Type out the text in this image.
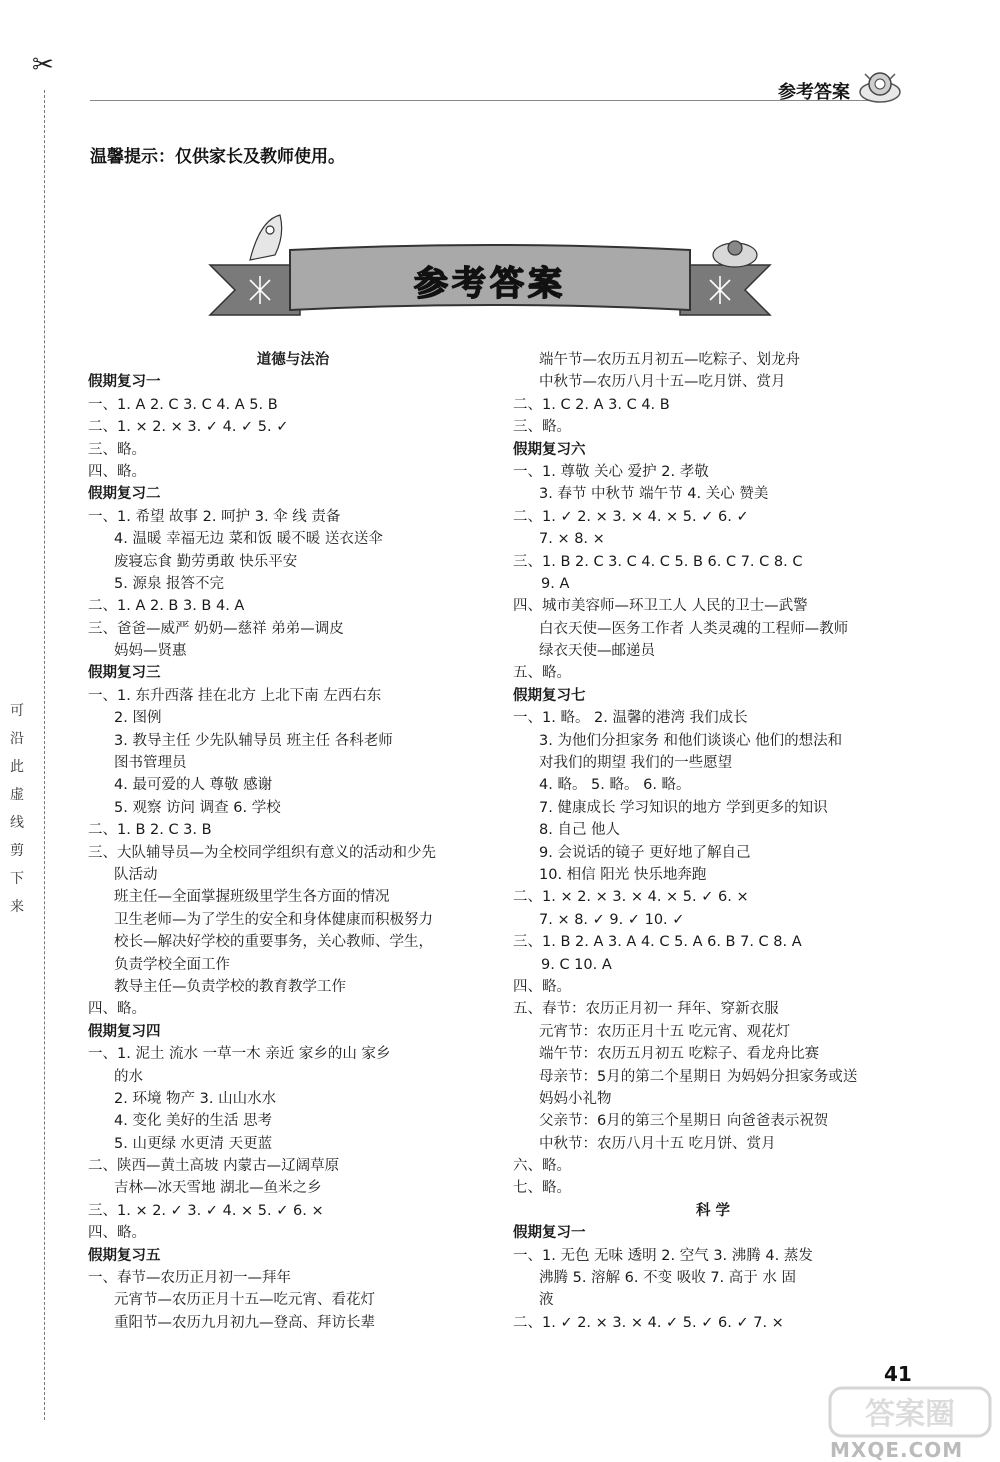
✂
可
沿
此
虚
线
剪
下
来
参考答案
温馨提示：仅供家长及教师使用。
参考答案
道德与法治
假期复习一
一、1. A 2. C 3. C 4. A 5. B
二、1. × 2. × 3. ✓ 4. ✓ 5. ✓
三、略。
四、略。
假期复习二
一、1. 希望 故事 2. 呵护 3. 伞 线 责备
4. 温暖 幸福无边 菜和饭 暖不暖 送衣送伞
废寝忘食 勤劳勇敢 快乐平安
5. 源泉 报答不完
二、1. A 2. B 3. B 4. A
三、爸爸—威严 奶奶—慈祥 弟弟—调皮
妈妈—贤惠
假期复习三
一、1. 东升西落 挂在北方 上北下南 左西右东
2. 图例
3. 教导主任 少先队辅导员 班主任 各科老师
图书管理员
4. 最可爱的人 尊敬 感谢
5. 观察 访问 调查 6. 学校
二、1. B 2. C 3. B
三、大队辅导员—为全校同学组织有意义的活动和少先
队活动
班主任—全面掌握班级里学生各方面的情况
卫生老师—为了学生的安全和身体健康而积极努力
校长—解决好学校的重要事务，关心教师、学生，
负责学校全面工作
教导主任—负责学校的教育教学工作
四、略。
假期复习四
一、1. 泥土 流水 一草一木 亲近 家乡的山 家乡
的水
2. 环境 物产 3. 山山水水
4. 变化 美好的生活 思考
5. 山更绿 水更清 天更蓝
二、陕西—黄土高坡 内蒙古—辽阔草原
吉林—冰天雪地 湖北—鱼米之乡
三、1. × 2. ✓ 3. ✓ 4. × 5. ✓ 6. ×
四、略。
假期复习五
一、春节—农历正月初一—拜年
元宵节—农历正月十五—吃元宵、看花灯
重阳节—农历九月初九—登高、拜访长辈
端午节—农历五月初五—吃粽子、划龙舟
中秋节—农历八月十五—吃月饼、赏月
二、1. C 2. A 3. C 4. B
三、略。
假期复习六
一、1. 尊敬 关心 爱护 2. 孝敬
3. 春节 中秋节 端午节 4. 关心 赞美
二、1. ✓ 2. × 3. × 4. × 5. ✓ 6. ✓
7. × 8. ×
三、1. B 2. C 3. C 4. C 5. B 6. C 7. C 8. C
9. A
四、城市美容师—环卫工人 人民的卫士—武警
白衣天使—医务工作者 人类灵魂的工程师—教师
绿衣天使—邮递员
五、略。
假期复习七
一、1. 略。 2. 温馨的港湾 我们成长
3. 为他们分担家务 和他们谈谈心 他们的想法和
对我们的期望 我们的一些愿望
4. 略。 5. 略。 6. 略。
7. 健康成长 学习知识的地方 学到更多的知识
8. 自己 他人
9. 会说话的镜子 更好地了解自己
10. 相信 阳光 快乐地奔跑
二、1. × 2. × 3. × 4. × 5. ✓ 6. ×
7. × 8. ✓ 9. ✓ 10. ✓
三、1. B 2. A 3. A 4. C 5. A 6. B 7. C 8. A
9. C 10. A
四、略。
五、春节：农历正月初一 拜年、穿新衣服
元宵节：农历正月十五 吃元宵、观花灯
端午节：农历五月初五 吃粽子、看龙舟比赛
母亲节：5月的第二个星期日 为妈妈分担家务或送
妈妈小礼物
父亲节：6月的第三个星期日 向爸爸表示祝贺
中秋节：农历八月十五 吃月饼、赏月
六、略。
七、略。
科 学
假期复习一
一、1. 无色 无味 透明 2. 空气 3. 沸腾 4. 蒸发
沸腾 5. 溶解 6. 不变 吸收 7. 高于 水 固
液
二、1. ✓ 2. × 3. × 4. ✓ 5. ✓ 6. ✓ 7. ×
41
答案圈
MXQE.COM
